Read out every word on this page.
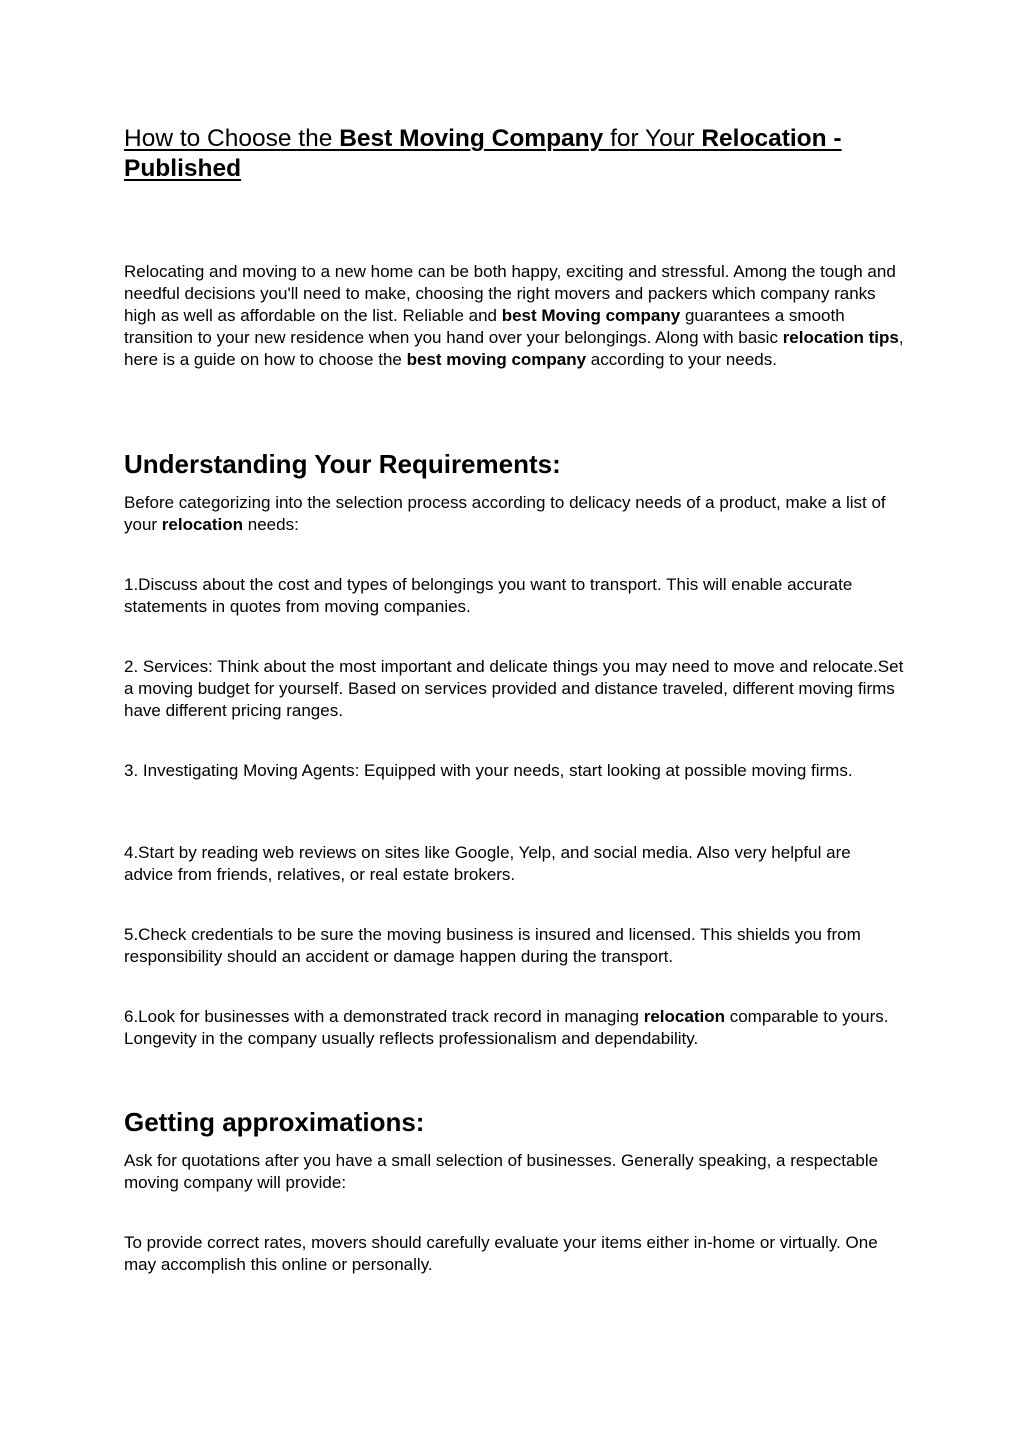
How to Choose the Best Moving Company for Your Relocation - Published

Relocating and moving to a new home can be both happy, exciting and stressful. Among the tough and needful decisions you'll need to make, choosing the right movers and packers which company ranks high as well as affordable on the list. Reliable and best Moving company guarantees a smooth transition to your new residence when you hand over your belongings. Along with basic relocation tips, here is a guide on how to choose the best moving company according to your needs.

Understanding Your Requirements:

Before categorizing into the selection process according to delicacy needs of a product, make a list of your relocation needs:

1.Discuss about the cost and types of belongings you want to transport. This will enable accurate statements in quotes from moving companies.

2. Services: Think about the most important and delicate things you may need to move and relocate.Set a moving budget for yourself. Based on services provided and distance traveled, different moving firms have different pricing ranges.

3. Investigating Moving Agents: Equipped with your needs, start looking at possible moving firms.

4.Start by reading web reviews on sites like Google, Yelp, and social media. Also very helpful are advice from friends, relatives, or real estate brokers.

5.Check credentials to be sure the moving business is insured and licensed. This shields you from responsibility should an accident or damage happen during the transport.

6.Look for businesses with a demonstrated track record in managing relocation comparable to yours. Longevity in the company usually reflects professionalism and dependability.

Getting approximations:

Ask for quotations after you have a small selection of businesses. Generally speaking, a respectable moving company will provide:

To provide correct rates, movers should carefully evaluate your items either in-home or virtually. One may accomplish this online or personally.
